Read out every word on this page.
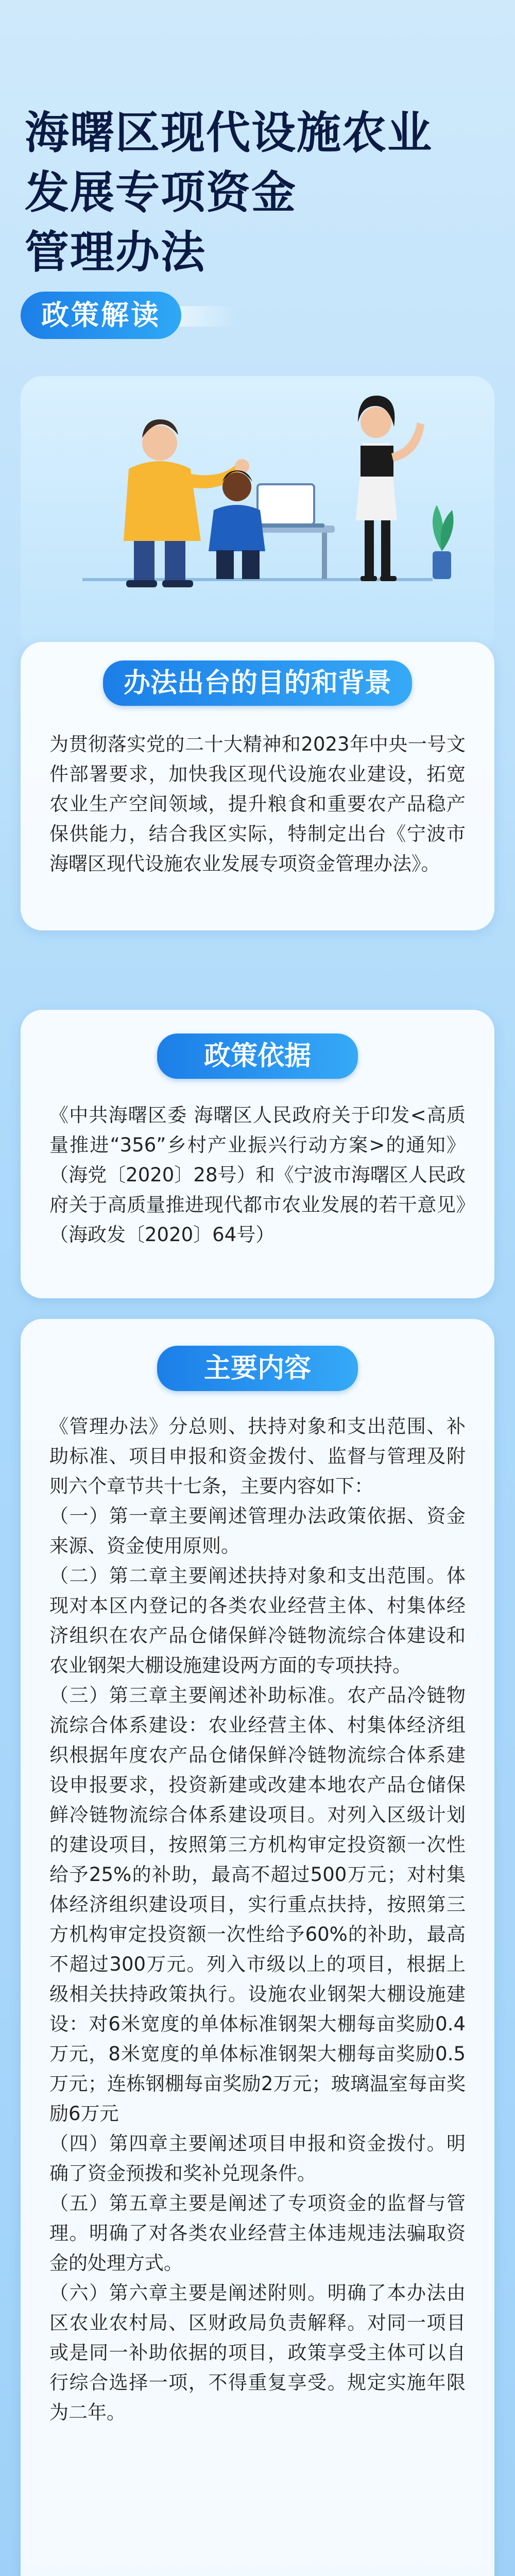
海曙区现代设施农业
发展专项资金
管理办法
政策解读
办法出台的目的和背景

为贯彻落实党的二十大精神和2023年中央一号文件部署要求，加快我区现代设施农业建设，拓宽农业生产空间领域，提升粮食和重要农产品稳产保供能力，结合我区实际，特制定出台《宁波市海曙区现代设施农业发展专项资金管理办法》。

政策依据

《中共海曙区委 海曙区人民政府关于印发<高质量推进“356”乡村产业振兴行动方案>的通知》（海党〔2020〕28号）和《宁波市海曙区人民政府关于高质量推进现代都市农业发展的若干意见》（海政发〔2020〕64号）

主要内容

《管理办法》分总则、扶持对象和支出范围、补助标准、项目申报和资金拨付、监督与管理及附则六个章节共十七条，主要内容如下：

（一）第一章主要阐述管理办法政策依据、资金来源、资金使用原则。

（二）第二章主要阐述扶持对象和支出范围。体现对本区内登记的各类农业经营主体、村集体经济组织在农产品仓储保鲜冷链物流综合体建设和农业钢架大棚设施建设两方面的专项扶持。

（三）第三章主要阐述补助标准。农产品冷链物流综合体系建设：农业经营主体、村集体经济组织根据年度农产品仓储保鲜冷链物流综合体系建设申报要求，投资新建或改建本地农产品仓储保鲜冷链物流综合体系建设项目。对列入区级计划的建设项目，按照第三方机构审定投资额一次性给予25%的补助，最高不超过500万元；对村集体经济组织建设项目，实行重点扶持，按照第三方机构审定投资额一次性给予60%的补助，最高不超过300万元。列入市级以上的项目，根据上级相关扶持政策执行。设施农业钢架大棚设施建设：对6米宽度的单体标准钢架大棚每亩奖励0.4万元，8米宽度的单体标准钢架大棚每亩奖励0.5万元；连栋钢棚每亩奖励2万元；玻璃温室每亩奖励6万元

（四）第四章主要阐述项目申报和资金拨付。明确了资金预拨和奖补兑现条件。

（五）第五章主要是阐述了专项资金的监督与管理。明确了对各类农业经营主体违规违法骗取资金的处理方式。

（六）第六章主要是阐述附则。明确了本办法由区农业农村局、区财政局负责解释。对同一项目或是同一补助依据的项目，政策享受主体可以自行综合选择一项，不得重复享受。规定实施年限为二年。
